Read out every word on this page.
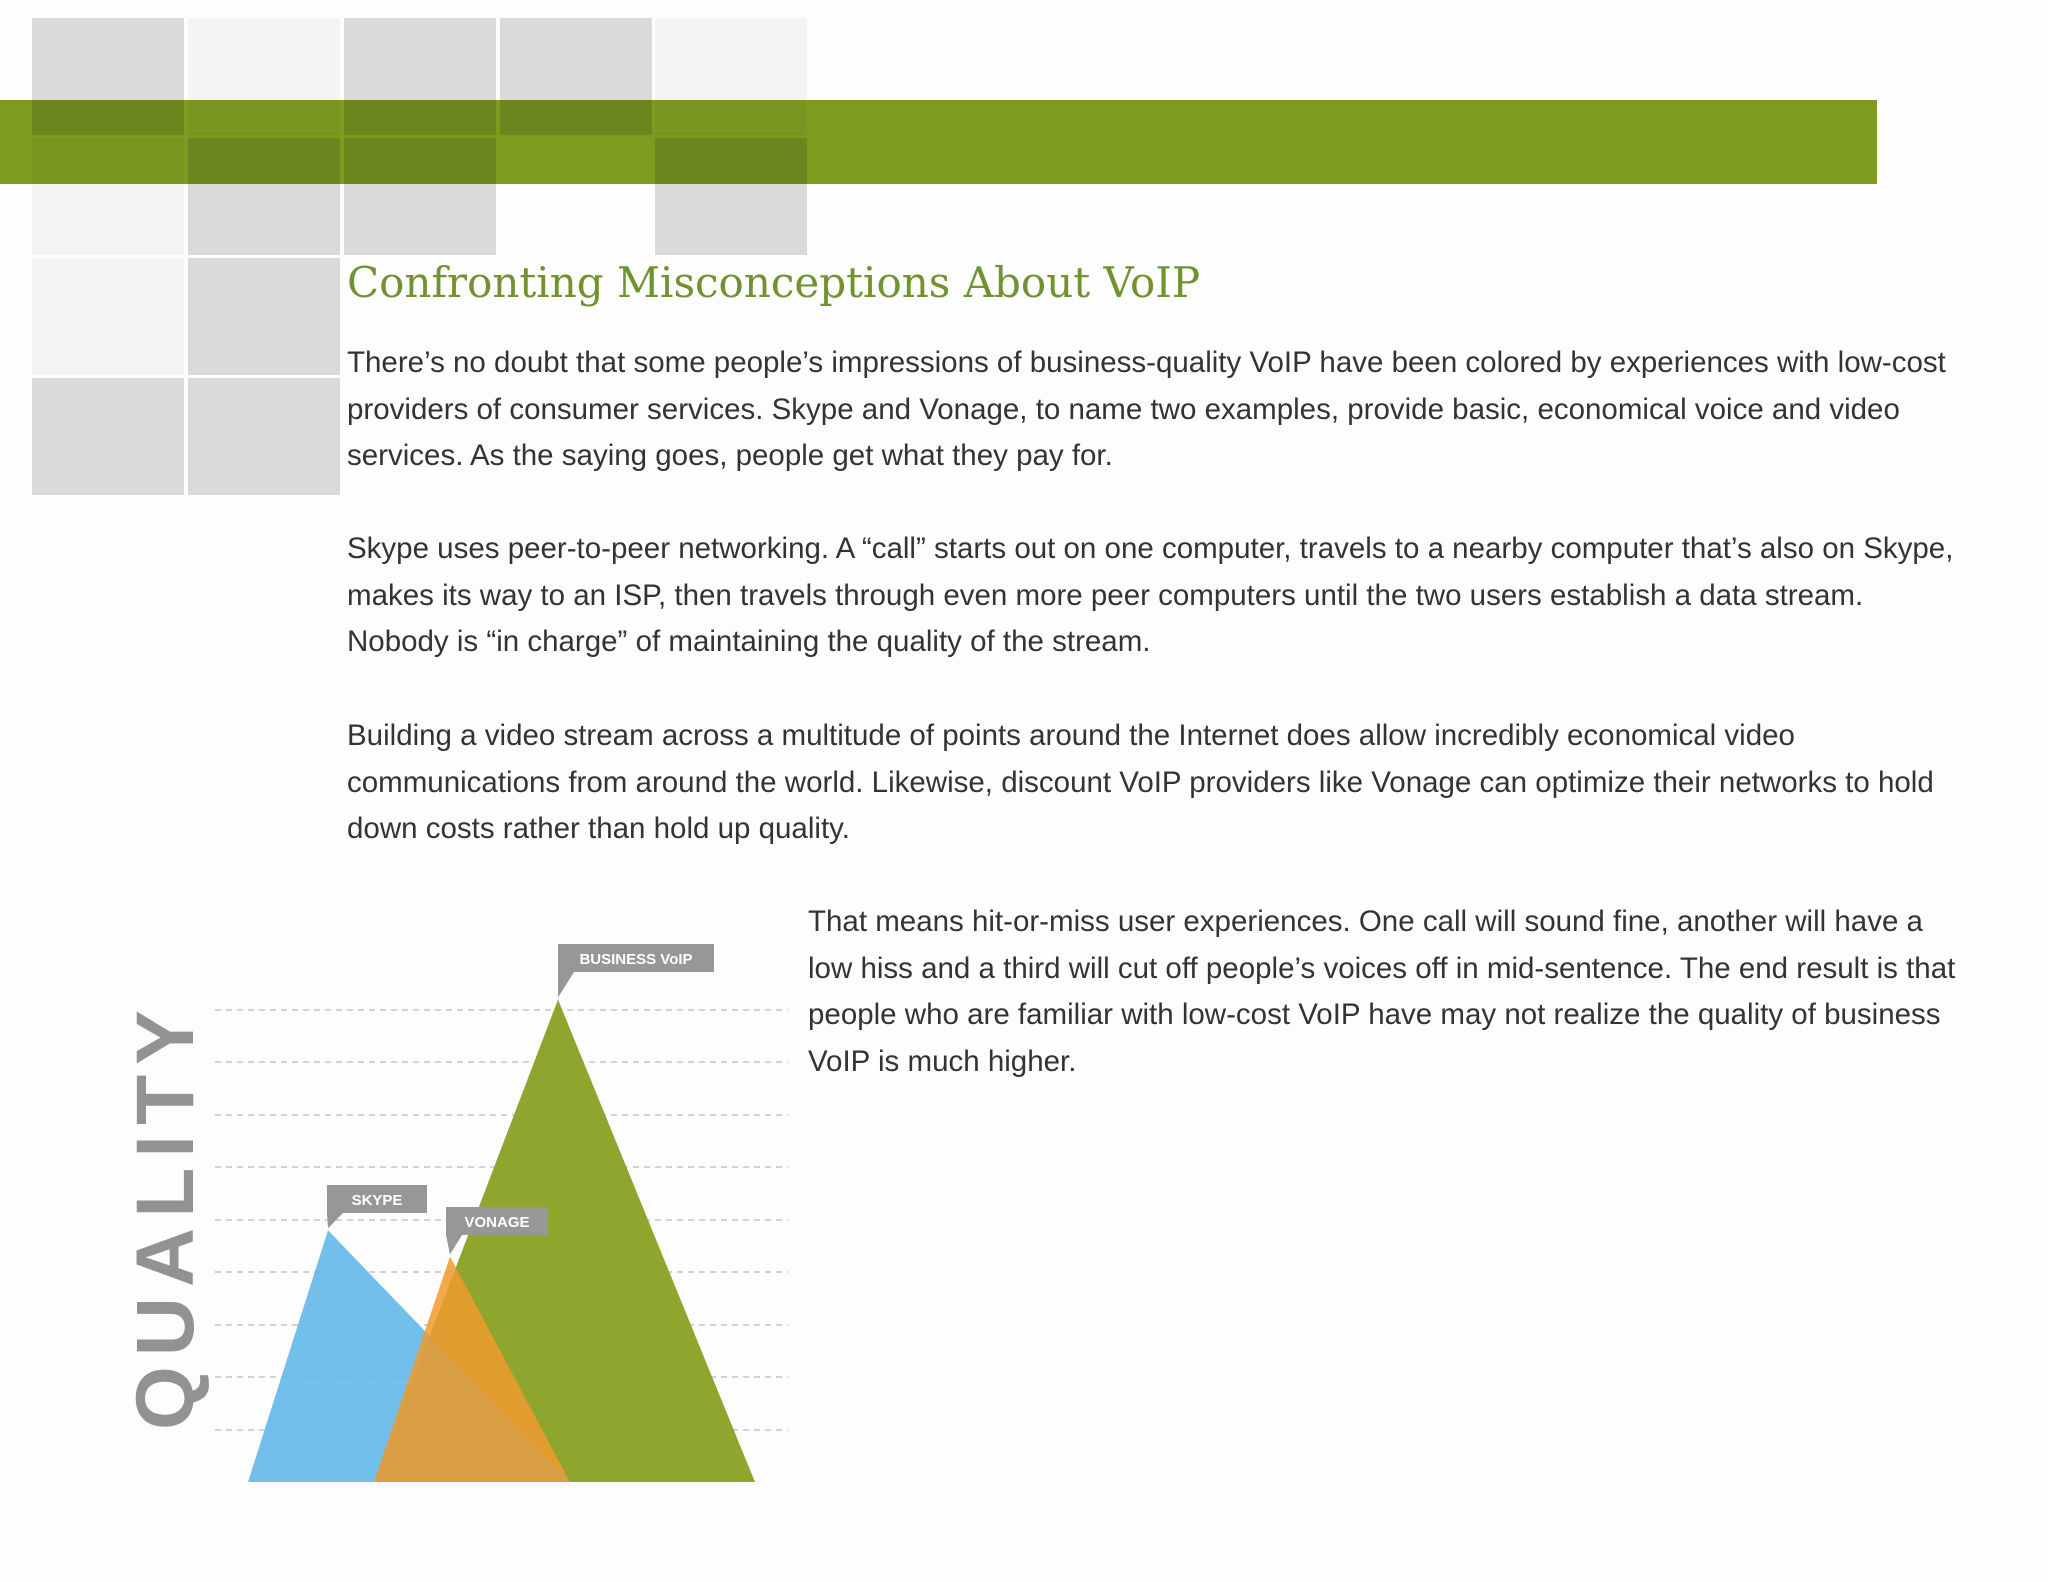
Confronting Misconceptions About VoIP

There’s no doubt that some people’s impressions of business-quality VoIP have been colored by experiences with low-cost providers of consumer services. Skype and Vonage, to name two examples, provide basic, economical voice and video services. As the saying goes, people get what they pay for.

Skype uses peer-to-peer networking. A “call” starts out on one computer, travels to a nearby computer that’s also on Skype, makes its way to an ISP, then travels through even more peer computers until the two users establish a data stream. Nobody is “in charge” of maintaining the quality of the stream.

Building a video stream across a multitude of points around the Internet does allow incredibly economical video communications from around the world. Likewise, discount VoIP providers like Vonage can optimize their networks to hold down costs rather than hold up quality.

That means hit-or-miss user experiences. One call will sound fine, another will have a low hiss and a third will cut off people’s voices off in mid-sentence. The end result is that people who are familiar with low-cost VoIP have may not realize the quality of business VoIP is much higher.

QUALITY	SKYPE
VONAGE
BUSINESS VoIP
